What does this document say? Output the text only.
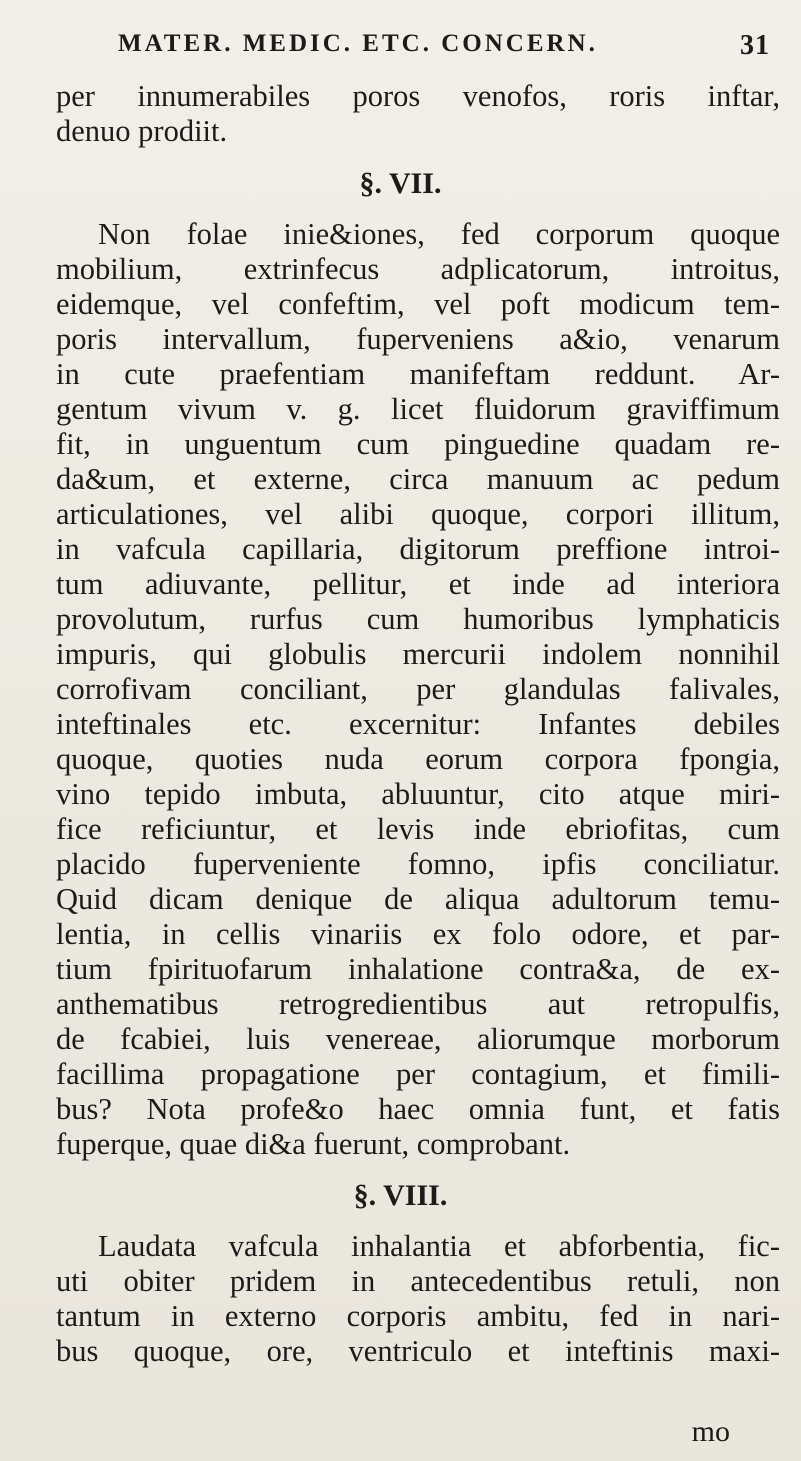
MATER. MEDIC. ETC. CONCERN.	31
per innumerabiles poros venofos, roris inftar,
denuo prodiit.
§. VII.
Non folae inie&iones, fed corporum quoque
mobilium, extrinfecus adplicatorum, introitus,
eidemque, vel confeftim, vel poft modicum tem-
poris intervallum, fuperveniens a&io, venarum
in cute praefentiam manifeftam reddunt. Ar-
gentum vivum v. g. licet fluidorum graviffimum
fit, in unguentum cum pinguedine quadam re-
da&um, et externe, circa manuum ac pedum
articulationes, vel alibi quoque, corpori illitum,
in vafcula capillaria, digitorum preffione introi-
tum adiuvante, pellitur, et inde ad interiora
provolutum, rurfus cum humoribus lymphaticis
impuris, qui globulis mercurii indolem nonnihil
corrofivam conciliant, per glandulas falivales,
inteftinales etc. excernitur: Infantes debiles
quoque, quoties nuda eorum corpora fpongia,
vino tepido imbuta, abluuntur, cito atque miri-
fice reficiuntur, et levis inde ebriofitas, cum
placido fuperveniente fomno, ipfis conciliatur.
Quid dicam denique de aliqua adultorum temu-
lentia, in cellis vinariis ex folo odore, et par-
tium fpirituofarum inhalatione contra&a, de ex-
anthematibus retrogredientibus aut retropulfis,
de fcabiei, luis venereae, aliorumque morborum
facillima propagatione per contagium, et fimili-
bus? Nota profe&o haec omnia funt, et fatis
fuperque, quae di&a fuerunt, comprobant.
§. VIII.
Laudata vafcula inhalantia et abforbentia, fic-
uti obiter pridem in antecedentibus retuli, non
tantum in externo corporis ambitu, fed in nari-
bus quoque, ore, ventriculo et inteftinis maxi-
mo
